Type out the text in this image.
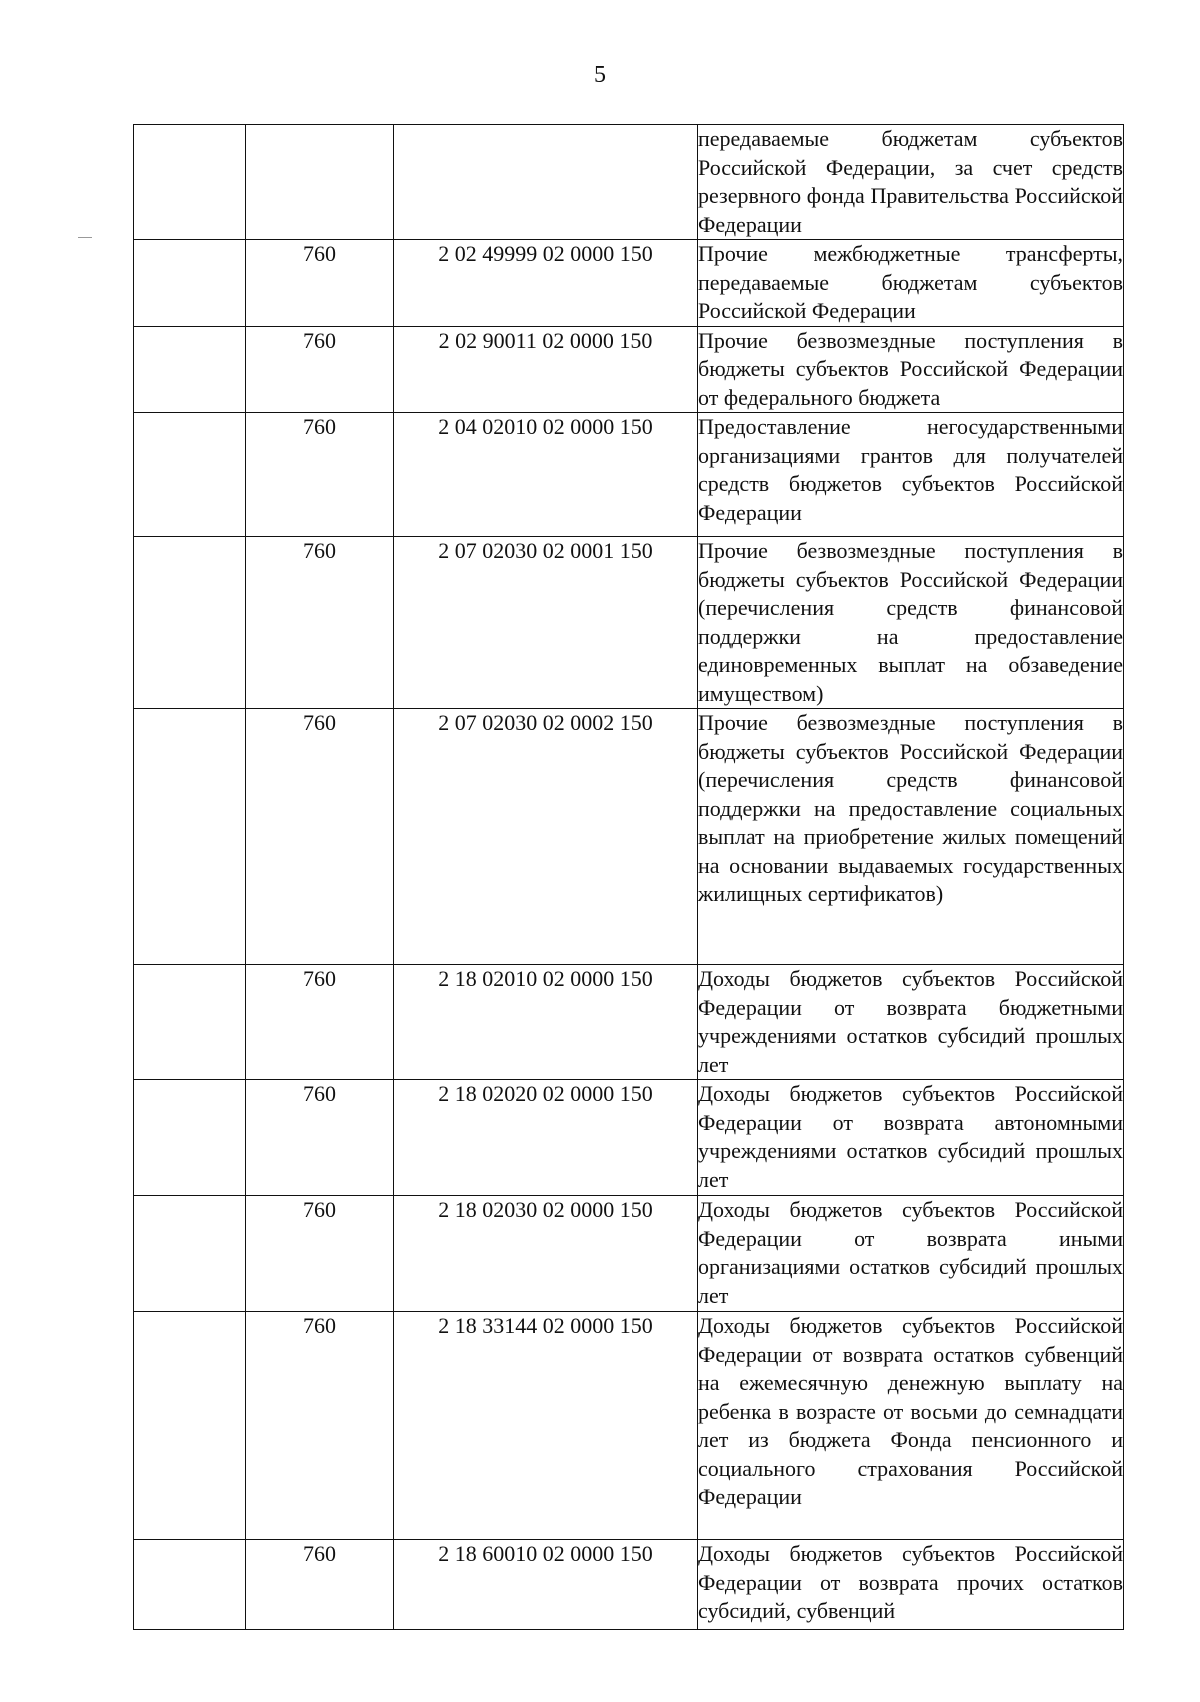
5
			передаваемые бюджетам субъектов Российской Федерации, за счет средств резервного фонда Правительства Российской Федерации
	760	2 02 49999 02 0000 150	Прочие межбюджетные трансферты, передаваемые бюджетам субъектов Российской Федерации
	760	2 02 90011 02 0000 150	Прочие безвозмездные поступления в бюджеты субъектов Российской Федерации от федерального бюджета
	760	2 04 02010 02 0000 150	Предоставление негосударственными организациями грантов для получателей средств бюджетов субъектов Российской Федерации
	760	2 07 02030 02 0001 150	Прочие безвозмездные поступления в бюджеты субъектов Российской Федерации (перечисления средств финансовой поддержки на предоставление единовременных выплат на обзаведение имуществом)
	760	2 07 02030 02 0002 150	Прочие безвозмездные поступления в бюджеты субъектов Российской Федерации (перечисления средств финансовой поддержки на предоставление социальных выплат на приобретение жилых помещений на основании выдаваемых государственных жилищных сертификатов)
	760	2 18 02010 02 0000 150	Доходы бюджетов субъектов Российской Федерации от возврата бюджетными учреждениями остатков субсидий прошлых лет
	760	2 18 02020 02 0000 150	Доходы бюджетов субъектов Российской Федерации от возврата автономными учреждениями остатков субсидий прошлых лет
	760	2 18 02030 02 0000 150	Доходы бюджетов субъектов Российской Федерации от возврата иными организациями остатков субсидий прошлых лет
	760	2 18 33144 02 0000 150	Доходы бюджетов субъектов Российской Федерации от возврата остатков субвенций на ежемесячную денежную выплату на ребенка в возрасте от восьми до семнадцати лет из бюджета Фонда пенсионного и социального страхования Российской Федерации
	760	2 18 60010 02 0000 150	Доходы бюджетов субъектов Российской Федерации от возврата прочих остатков субсидий, субвенций
